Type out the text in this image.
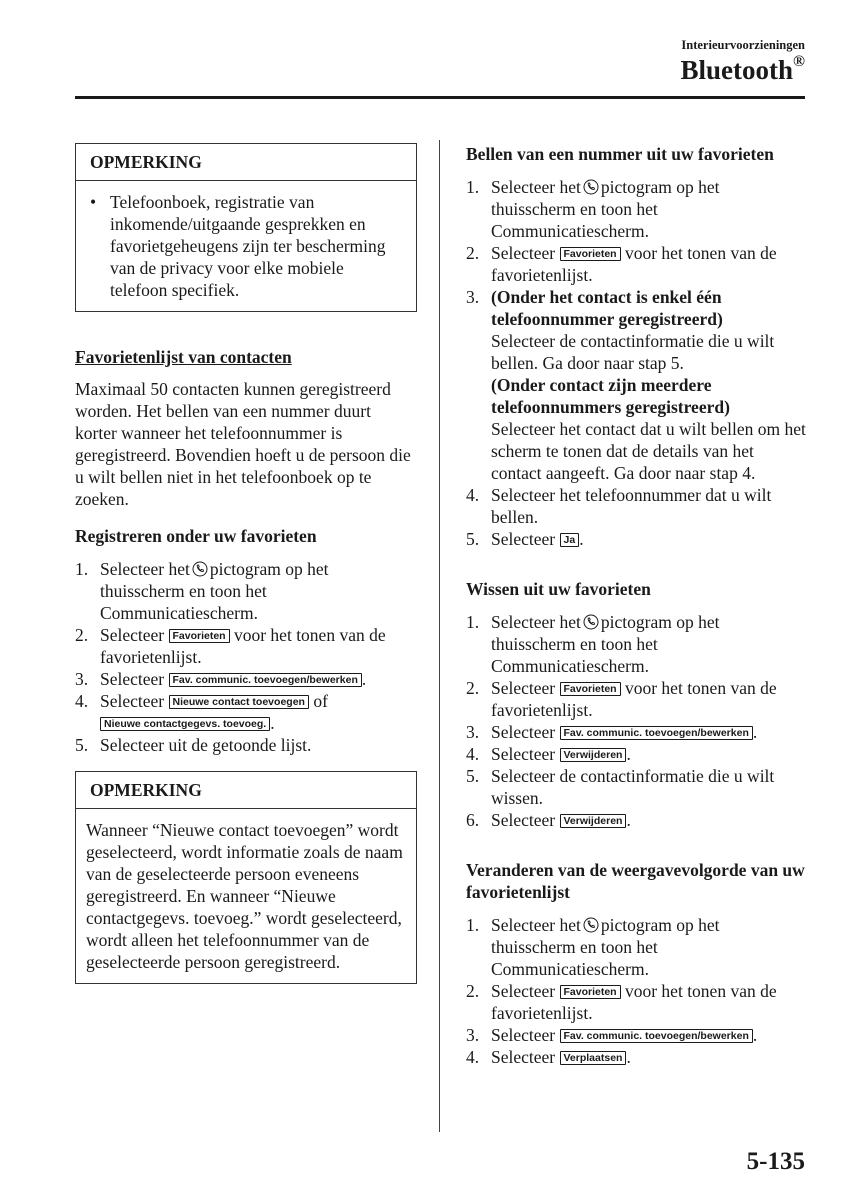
Interieurvoorzieningen
Bluetooth®
OPMERKING
• Telefoonboek, registratie van inkomende/uitgaande gesprekken en favorietgeheugens zijn ter bescherming van de privacy voor elke mobiele telefoon specifiek.
Favorietenlijst van contacten
Maximaal 50 contacten kunnen geregistreerd worden. Het bellen van een nummer duurt korter wanneer het telefoonnummer is geregistreerd. Bovendien hoeft u de persoon die u wilt bellen niet in het telefoonboek op te zoeken.
Registreren onder uw favorieten
1. Selecteer het pictogram op het thuisscherm en toon het Communicatiescherm.
2. Selecteer Favorieten voor het tonen van de favorietenlijst.
3. Selecteer Fav. communic. toevoegen/bewerken .
4. Selecteer Nieuwe contact toevoegen of
Nieuwe contactgegevs. toevoeg. .
5. Selecteer uit de getoonde lijst.
OPMERKING
Wanneer “Nieuwe contact toevoegen” wordt geselecteerd, wordt informatie zoals de naam van de geselecteerde persoon eveneens geregistreerd. En wanneer “Nieuwe contactgegevs. toevoeg.” wordt geselecteerd, wordt alleen het telefoonnummer van de geselecteerde persoon geregistreerd.
Bellen van een nummer uit uw favorieten
1. Selecteer het pictogram op het thuisscherm en toon het Communicatiescherm.
2. Selecteer Favorieten voor het tonen van de favorietenlijst.
3. (Onder het contact is enkel één telefoonnummer geregistreerd)
Selecteer de contactinformatie die u wilt bellen. Ga door naar stap 5.
(Onder contact zijn meerdere telefoonnummers geregistreerd)
Selecteer het contact dat u wilt bellen om het scherm te tonen dat de details van het contact aangeeft. Ga door naar stap 4.
4. Selecteer het telefoonnummer dat u wilt bellen.
5. Selecteer Ja .
Wissen uit uw favorieten
1. Selecteer het pictogram op het thuisscherm en toon het Communicatiescherm.
2. Selecteer Favorieten voor het tonen van de favorietenlijst.
3. Selecteer Fav. communic. toevoegen/bewerken .
4. Selecteer Verwijderen .
5. Selecteer de contactinformatie die u wilt wissen.
6. Selecteer Verwijderen .
Veranderen van de weergavevolgorde van uw favorietenlijst
1. Selecteer het pictogram op het thuisscherm en toon het Communicatiescherm.
2. Selecteer Favorieten voor het tonen van de favorietenlijst.
3. Selecteer Fav. communic. toevoegen/bewerken .
4. Selecteer Verplaatsen .
5-135
